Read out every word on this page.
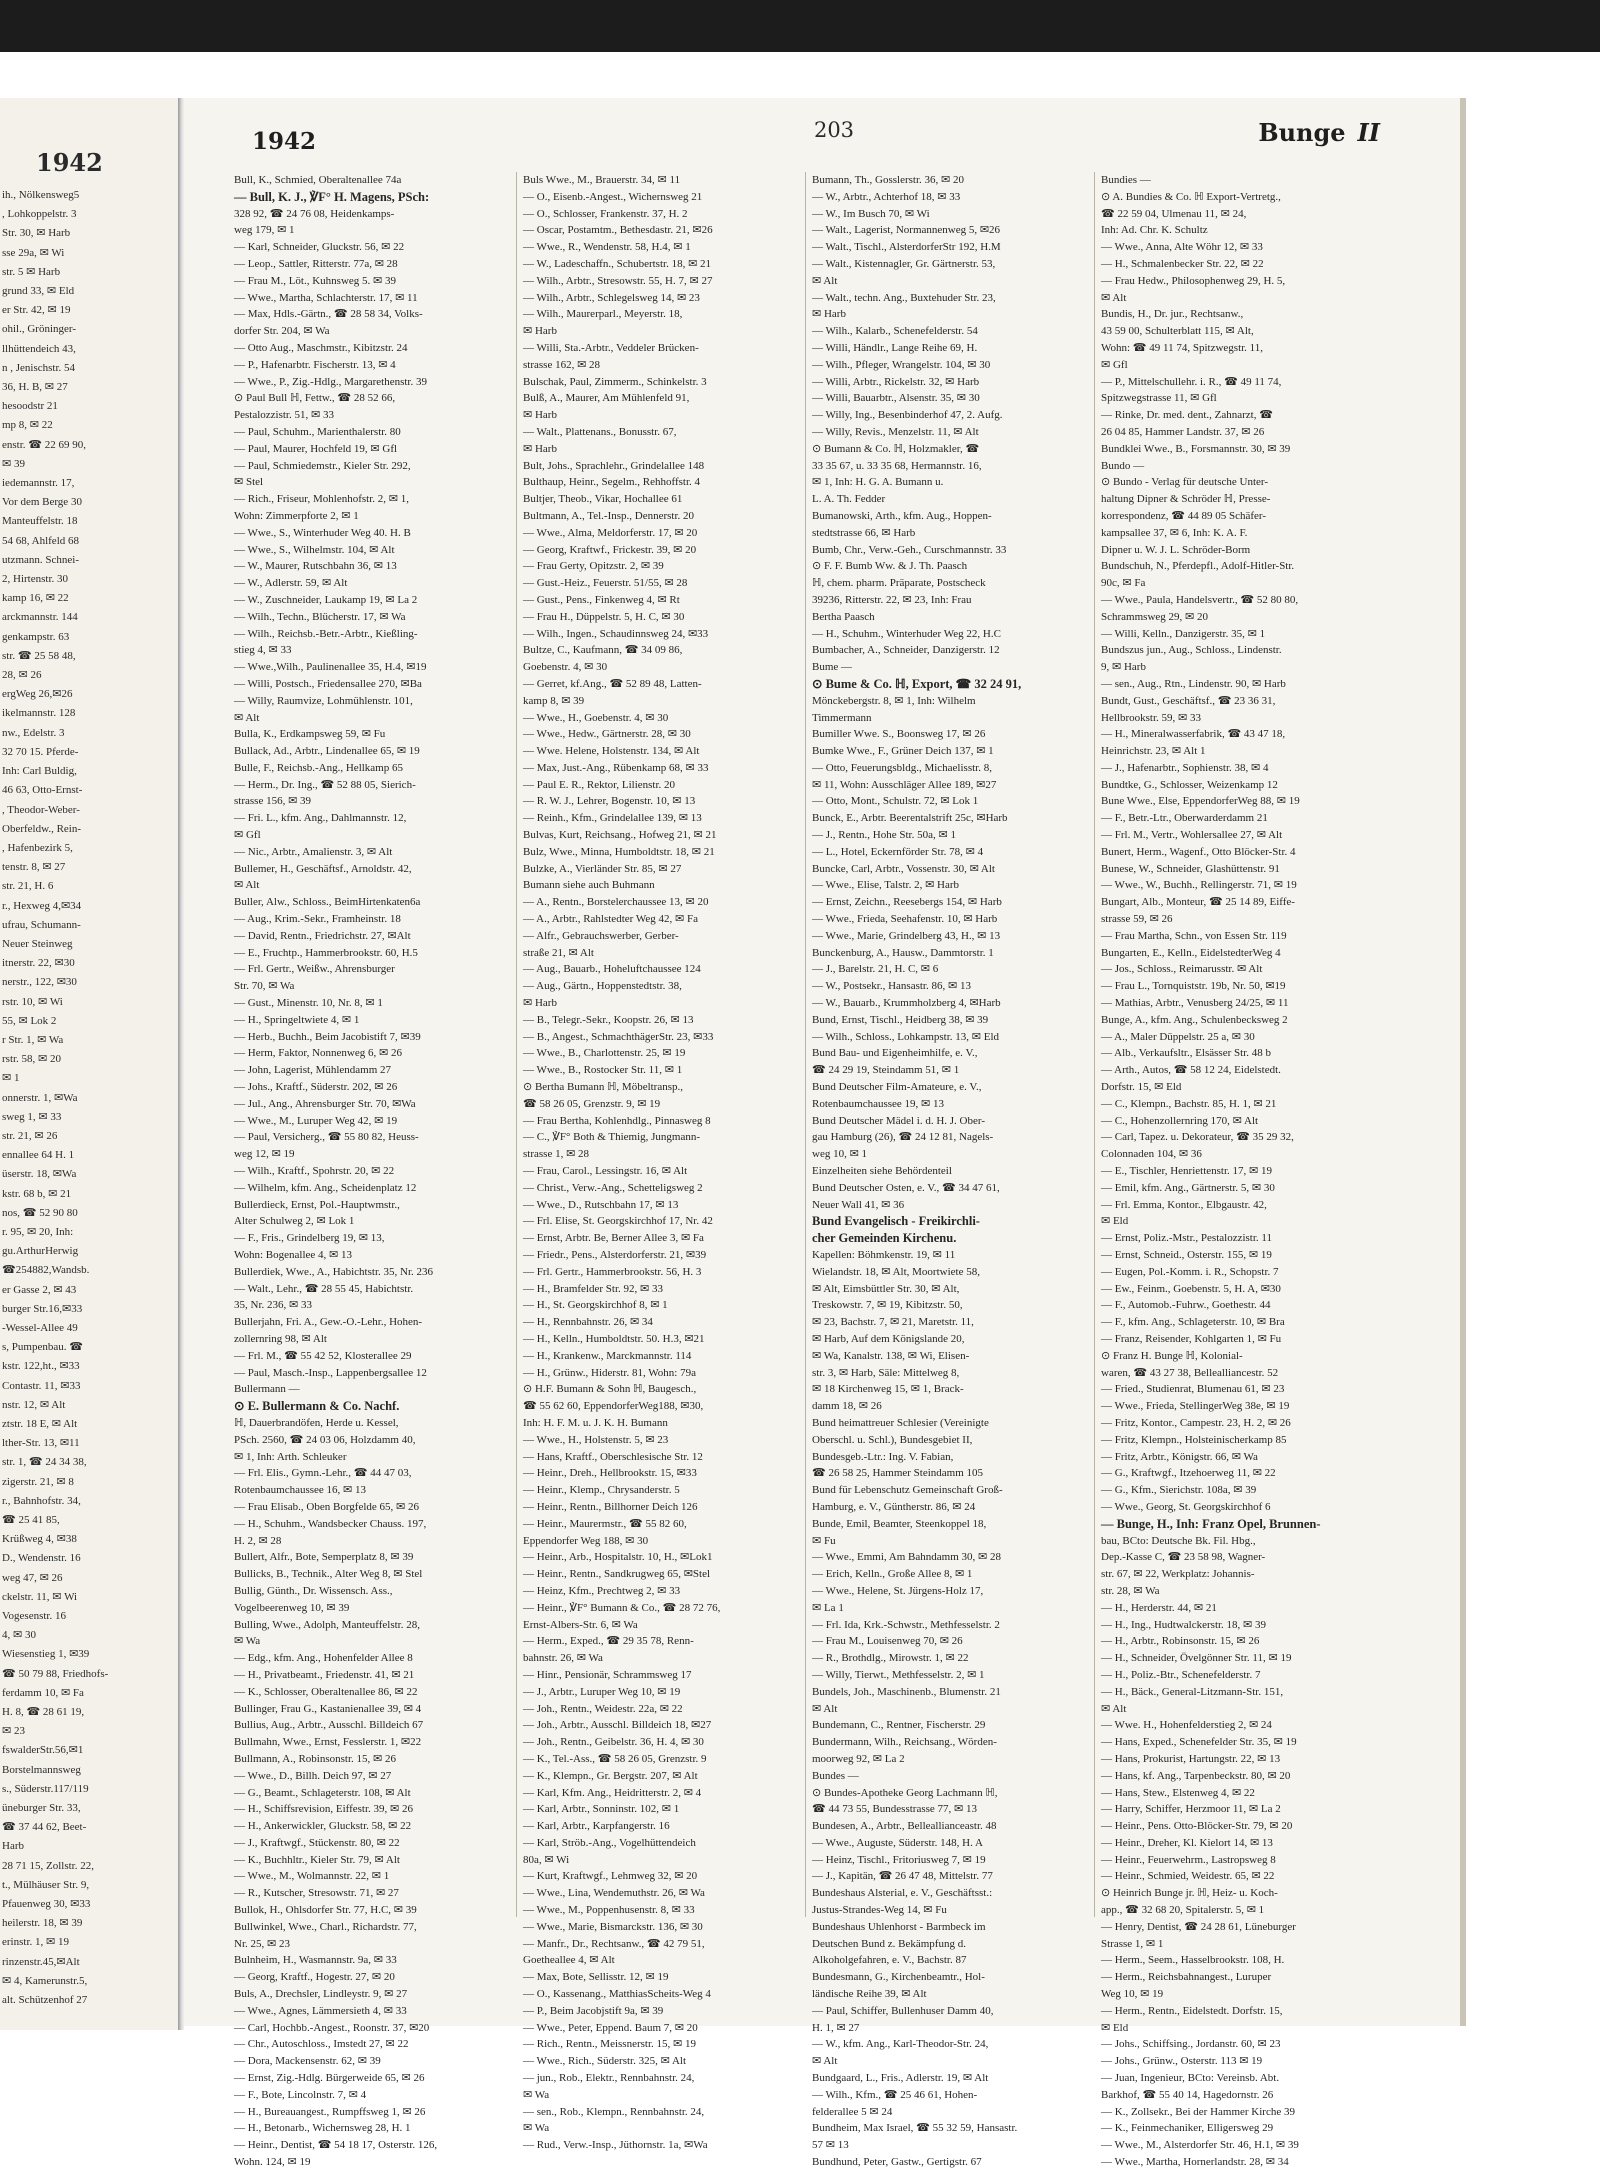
1942
ih., Nölkensweg5
, Lohkoppelstr. 3
Str. 30, ✉ Harb
sse 29a, ✉ Wi
str. 5 ✉ Harb
grund 33, ✉ Eld
er Str. 42, ✉ 19
ohil., Gröninger-
llhüttendeich 43,
n , Jenischstr. 54
36, H. B, ✉ 27
hesoodstr 21
mp 8, ✉ 22
enstr. ☎ 22 69 90,
✉ 39
iedemannstr. 17,
Vor dem Berge 30
Manteuffelstr. 18
54 68, Ahlfeld 68
utzmann. Schnei-
2, Hirtenstr. 30
kamp 16, ✉ 22
arckmannstr. 144
genkampstr. 63
str. ☎ 25 58 48,
28, ✉ 26
ergWeg 26,✉26
ikelmannstr. 128
nw., Edelstr. 3
32 70 15. Pferde-
Inh: Carl Buldig,
46 63, Otto-Ernst-
, Theodor-Weber-
Oberfeldw., Rein-
, Hafenbezirk 5,
tenstr. 8, ✉ 27
str. 21, H. 6
r., Hexweg 4,✉34
ufrau, Schumann-
Neuer Steinweg
itnerstr. 22, ✉30
nerstr., 122, ✉30
rstr. 10, ✉ Wi
55, ✉ Lok 2
r Str. 1, ✉ Wa
rstr. 58, ✉ 20
✉ 1
onnerstr. 1, ✉Wa
sweg 1, ✉ 33
str. 21, ✉ 26
ennallee 64 H. 1
üserstr. 18, ✉Wa
kstr. 68 b, ✉ 21
nos, ☎ 52 90 80
r. 95, ✉ 20, Inh:
gu.ArthurHerwig
☎254882,Wandsb.
er Gasse 2, ✉ 43
burger Str.16,✉33
-Wessel-Allee 49
s, Pumpenbau. ☎
kstr. 122,ht., ✉33
Contastr. 11, ✉33
nstr. 12, ✉ Alt
ztstr. 18 E, ✉ Alt
lther-Str. 13, ✉11
str. 1, ☎ 24 34 38,
zigerstr. 21, ✉ 8
r., Bahnhofstr. 34,
☎ 25 41 85,
Krüßweg 4, ✉38
D., Wendenstr. 16
weg 47, ✉ 26
ckelstr. 11, ✉ Wi
Vogesenstr. 16
4, ✉ 30
Wiesenstieg 1, ✉39
☎ 50 79 88, Friedhofs-
ferdamm 10, ✉ Fa
H. 8, ☎ 28 61 19,
✉ 23
fswalderStr.56,✉1
Borstelmannsweg
s., Süderstr.117/119
üneburger Str. 33,
☎ 37 44 62, Beet-
Harb
28 71 15, Zollstr. 22,
t., Mülhäuser Str. 9,
Pfauenweg 30, ✉33
heilerstr. 18, ✉ 39
erinstr. 1, ✉ 19
rinzenstr.45,✉Alt
✉ 4, Kamerunstr.5,
alt. Schützenhof 27
1942	203	Bunge II
Bull, K., Schmied, Oberaltenallee 74a
— Bull, K. J., ℣F° H. Magens, PSch:
328 92, ☎ 24 76 08, Heidenkamps-
weg 179, ✉ 1
— Karl, Schneider, Gluckstr. 56, ✉ 22
— Leop., Sattler, Ritterstr. 77a, ✉ 28
— Frau M., Löt., Kuhnsweg 5. ✉ 39
— Wwe., Martha, Schlachterstr. 17, ✉ 11
— Max, Hdls.-Gärtn., ☎ 28 58 34, Volks-
dorfer Str. 204, ✉ Wa
— Otto Aug., Maschmstr., Kibitzstr. 24
— P., Hafenarbtr. Fischerstr. 13, ✉ 4
— Wwe., P., Zig.-Hdlg., Margarethenstr. 39
⊙ Paul Bull ℍ, Fettw., ☎ 28 52 66,
Pestalozzistr. 51, ✉ 33
— Paul, Schuhm., Marienthalerstr. 80
— Paul, Maurer, Hochfeld 19, ✉ Gfl
— Paul, Schmiedemstr., Kieler Str. 292,
✉ Stel
— Rich., Friseur, Mohlenhofstr. 2, ✉ 1,
Wohn: Zimmerpforte 2, ✉ 1
— Wwe., S., Winterhuder Weg 40. H. B
— Wwe., S., Wilhelmstr. 104, ✉ Alt
— W., Maurer, Rutschbahn 36, ✉ 13
— W., Adlerstr. 59, ✉ Alt
— W., Zuschneider, Laukamp 19, ✉ La 2
— Wilh., Techn., Blücherstr. 17, ✉ Wa
— Wilh., Reichsb.-Betr.-Arbtr., Kießling-
stieg 4, ✉ 33
— Wwe.,Wilh., Paulinenallee 35, H.4, ✉19
— Willi, Postsch., Friedensallee 270, ✉Ba
— Willy, Raumvize, Lohmühlenstr. 101,
✉ Alt
Bulla, K., Erdkampsweg 59, ✉ Fu
Bullack, Ad., Arbtr., Lindenallee 65, ✉ 19
Bulle, F., Reichsb.-Ang., Hellkamp 65
— Herm., Dr. Ing., ☎ 52 88 05, Sierich-
strasse 156, ✉ 39
— Fri. L., kfm. Ang., Dahlmannstr. 12,
✉ Gfl
— Nic., Arbtr., Amalienstr. 3, ✉ Alt
Bullemer, H., Geschäftsf., Arnoldstr. 42,
✉ Alt
Buller, Alw., Schloss., BeimHirtenkaten6a
— Aug., Krim.-Sekr., Framheinstr. 18
— David, Rentn., Friedrichstr. 27, ✉Alt
— E., Fruchtp., Hammerbrookstr. 60, H.5
— Frl. Gertr., Weißw., Ahrensburger
Str. 70, ✉ Wa
— Gust., Minenstr. 10, Nr. 8, ✉ 1
— H., Springeltwiete 4, ✉ 1
— Herb., Buchh., Beim Jacobistift 7, ✉39
— Herm, Faktor, Nonnenweg 6, ✉ 26
— John, Lagerist, Mühlendamm 27
— Johs., Kraftf., Süderstr. 202, ✉ 26
— Jul., Ang., Ahrensburger Str. 70, ✉Wa
— Wwe., M., Luruper Weg 42, ✉ 19
— Paul, Versicherg., ☎ 55 80 82, Heuss-
weg 12, ✉ 19
— Wilh., Kraftf., Spohrstr. 20, ✉ 22
— Wilhelm, kfm. Ang., Scheidenplatz 12
Bullerdieck, Ernst, Pol.-Hauptwmstr.,
Alter Schulweg 2, ✉ Lok 1
— F., Fris., Grindelberg 19, ✉ 13,
Wohn: Bogenallee 4, ✉ 13
Bullerdiek, Wwe., A., Habichtstr. 35, Nr. 236
— Walt., Lehr., ☎ 28 55 45, Habichtstr.
35, Nr. 236, ✉ 33
Bullerjahn, Fri. A., Gew.-O.-Lehr., Hohen-
zollernring 98, ✉ Alt
— Frl. M., ☎ 55 42 52, Klosterallee 29
— Paul, Masch.-Insp., Lappenbergsallee 12
Bullermann —
⊙ E. Bullermann & Co. Nachf.
ℍ, Dauerbrandöfen, Herde u. Kessel,
PSch. 2560, ☎ 24 03 06, Holzdamm 40,
✉ 1, Inh: Arth. Schleuker
— Frl. Elis., Gymn.-Lehr., ☎ 44 47 03,
Rotenbaumchaussee 16, ✉ 13
— Frau Elisab., Oben Borgfelde 65, ✉ 26
— H., Schuhm., Wandsbecker Chauss. 197,
H. 2, ✉ 28
Bullert, Alfr., Bote, Semperplatz 8, ✉ 39
Bullicks, B., Technik., Alter Weg 8, ✉ Stel
Bullig, Günth., Dr. Wissensch. Ass.,
Vogelbeerenweg 10, ✉ 39
Bulling, Wwe., Adolph, Manteuffelstr. 28,
✉ Wa
— Edg., kfm. Ang., Hohenfelder Allee 8
— H., Privatbeamt., Friedenstr. 41, ✉ 21
— K., Schlosser, Oberaltenallee 86, ✉ 22
Bullinger, Frau G., Kastanienallee 39, ✉ 4
Bullius, Aug., Arbtr., Ausschl. Billdeich 67
Bullmahn, Wwe., Ernst, Fesslerstr. 1, ✉22
Bullmann, A., Robinsonstr. 15, ✉ 26
— Wwe., D., Billh. Deich 97, ✉ 27
— G., Beamt., Schlageterstr. 108, ✉ Alt
— H., Schiffsrevision, Eiffestr. 39, ✉ 26
— H., Ankerwickler, Gluckstr. 58, ✉ 22
— J., Kraftwgf., Stückenstr. 80, ✉ 22
— K., Buchhltr., Kieler Str. 79, ✉ Alt
— Wwe., M., Wolmannstr. 22, ✉ 1
— R., Kutscher, Stresowstr. 71, ✉ 27
Bullok, H., Ohlsdorfer Str. 77, H.C, ✉ 39
Bullwinkel, Wwe., Charl., Richardstr. 77,
Nr. 25, ✉ 23
Bulnheim, H., Wasmannstr. 9a, ✉ 33
— Georg, Kraftf., Hogestr. 27, ✉ 20
Buls, A., Drechsler, Lindleystr. 9, ✉ 27
— Wwe., Agnes, Lämmersieth 4, ✉ 33
— Carl, Hochbb.-Angest., Roonstr. 37, ✉20
— Chr., Autoschloss., Imstedt 27, ✉ 22
— Dora, Mackensenstr. 62, ✉ 39
— Ernst, Zig.-Hdlg. Bürgerweide 65, ✉ 26
— F., Bote, Lincolnstr. 7, ✉ 4
— H., Bureauangest., Rumpffsweg 1, ✉ 26
— H., Betonarb., Wichernsweg 28, H. 1
— Heinr., Dentist, ☎ 54 18 17, Osterstr. 126,
Wohn. 124, ✉ 19
Buls Wwe., M., Brauerstr. 34, ✉ 11
— O., Eisenb.-Angest., Wichernsweg 21
— O., Schlosser, Frankenstr. 37, H. 2
— Oscar, Postamtm., Bethesdastr. 21, ✉26
— Wwe., R., Wendenstr. 58, H.4, ✉ 1
— W., Ladeschaffn., Schubertstr. 18, ✉ 21
— Wilh., Arbtr., Stresowstr. 55, H. 7, ✉ 27
— Wilh., Arbtr., Schlegelsweg 14, ✉ 23
— Wilh., Maurerparl., Meyerstr. 18,
✉ Harb
— Willi, Sta.-Arbtr., Veddeler Brücken-
strasse 162, ✉ 28
Bulschak, Paul, Zimmerm., Schinkelstr. 3
Bulß, A., Maurer, Am Mühlenfeld 91,
✉ Harb
— Walt., Plattenans., Bonusstr. 67,
✉ Harb
Bult, Johs., Sprachlehr., Grindelallee 148
Bulthaup, Heinr., Segelm., Rehhoffstr. 4
Bultjer, Theob., Vikar, Hochallee 61
Bultmann, A., Tel.-Insp., Dennerstr. 20
— Wwe., Alma, Meldorferstr. 17, ✉ 20
— Georg, Kraftwf., Frickestr. 39, ✉ 20
— Frau Gerty, Opitzstr. 2, ✉ 39
— Gust.-Heiz., Feuerstr. 51/55, ✉ 28
— Gust., Pens., Finkenweg 4, ✉ Rt
— Frau H., Düppelstr. 5, H. C, ✉ 30
— Wilh., Ingen., Schaudinnsweg 24, ✉33
Bultze, C., Kaufmann, ☎ 34 09 86,
Goebenstr. 4, ✉ 30
— Gerret, kf.Ang., ☎ 52 89 48, Latten-
kamp 8, ✉ 39
— Wwe., H., Goebenstr. 4, ✉ 30
— Wwe., Hedw., Gärtnerstr. 28, ✉ 30
— Wwe. Helene, Holstenstr. 134, ✉ Alt
— Max, Just.-Ang., Rübenkamp 68, ✉ 33
— Paul E. R., Rektor, Lilienstr. 20
— R. W. J., Lehrer, Bogenstr. 10, ✉ 13
— Reinh., Kfm., Grindelallee 139, ✉ 13
Bulvas, Kurt, Reichsang., Hofweg 21, ✉ 21
Bulz, Wwe., Minna, Humboldtstr. 18, ✉ 21
Bulzke, A., Vierländer Str. 85, ✉ 27
Bumann siehe auch Buhmann
— A., Rentn., Borstelerchaussee 13, ✉ 20
— A., Arbtr., Rahlstedter Weg 42, ✉ Fa
— Alfr., Gebrauchswerber, Gerber-
straße 21, ✉ Alt
— Aug., Bauarb., Hoheluftchaussee 124
— Aug., Gärtn., Hoppenstedtstr. 38,
✉ Harb
— B., Telegr.-Sekr., Koopstr. 26, ✉ 13
— B., Angest., SchmachthägerStr. 23, ✉33
— Wwe., B., Charlottenstr. 25, ✉ 19
— Wwe., B., Rostocker Str. 11, ✉ 1
⊙ Bertha Bumann ℍ, Möbeltransp.,
☎ 58 26 05, Grenzstr. 9, ✉ 19
— Frau Bertha, Kohlenhdlg., Pinnasweg 8
— C., ℣F° Both & Thiemig, Jungmann-
strasse 1, ✉ 28
— Frau, Carol., Lessingstr. 16, ✉ Alt
— Christ., Verw.-Ang., Schetteligsweg 2
— Wwe., D., Rutschbahn 17, ✉ 13
— Frl. Elise, St. Georgskirchhof 17, Nr. 42
— Ernst, Arbtr. Be, Berner Allee 3, ✉ Fa
— Friedr., Pens., Alsterdorferstr. 21, ✉39
— Frl. Gertr., Hammerbrookstr. 56, H. 3
— H., Bramfelder Str. 92, ✉ 33
— H., St. Georgskirchhof 8, ✉ 1
— H., Rennbahnstr. 26, ✉ 34
— H., Kelln., Humboldtstr. 50. H.3, ✉21
— H., Krankenw., Marckmannstr. 114
— H., Grünw., Hiderstr. 81, Wohn: 79a
⊙ H.F. Bumann & Sohn ℍ, Baugesch.,
☎ 55 62 60, EppendorferWeg188, ✉30,
Inh: H. F. M. u. J. K. H. Bumann
— Wwe., H., Holstenstr. 5, ✉ 23
— Hans, Kraftf., Oberschlesische Str. 12
— Heinr., Dreh., Hellbrookstr. 15, ✉33
— Heinr., Klemp., Chrysanderstr. 5
— Heinr., Rentn., Billhorner Deich 126
— Heinr., Maurermstr., ☎ 55 82 60,
Eppendorfer Weg 188, ✉ 30
— Heinr., Arb., Hospitalstr. 10, H., ✉Lok1
— Heinr., Rentn., Sandkrugweg 65, ✉Stel
— Heinz, Kfm., Prechtweg 2, ✉ 33
— Heinr., ℣F° Bumann & Co., ☎ 28 72 76,
Ernst-Albers-Str. 6, ✉ Wa
— Herm., Exped., ☎ 29 35 78, Renn-
bahnstr. 26, ✉ Wa
— Hinr., Pensionär, Schrammsweg 17
— J., Arbtr., Luruper Weg 10, ✉ 19
— Joh., Rentn., Weidestr. 22a, ✉ 22
— Joh., Arbtr., Ausschl. Billdeich 18, ✉27
— Joh., Rentn., Geibelstr. 36, H. 4, ✉ 30
— K., Tel.-Ass., ☎ 58 26 05, Grenzstr. 9
— K., Klempn., Gr. Bergstr. 207, ✉ Alt
— Karl, Kfm. Ang., Heidritterstr. 2, ✉ 4
— Karl, Arbtr., Sonninstr. 102, ✉ 1
— Karl, Arbtr., Karpfangerstr. 16
— Karl, Ströb.-Ang., Vogelhüttendeich
80a, ✉ Wi
— Kurt, Kraftwgf., Lehmweg 32, ✉ 20
— Wwe., Lina, Wendemuthstr. 26, ✉ Wa
— Wwe., M., Poppenhusenstr. 8, ✉ 33
— Wwe., Marie, Bismarckstr. 136, ✉ 30
— Manfr., Dr., Rechtsanw., ☎ 42 79 51,
Goetheallee 4, ✉ Alt
— Max, Bote, Sellisstr. 12, ✉ 19
— O., Kassenang., MatthiasScheits-Weg 4
— P., Beim Jacobjstift 9a, ✉ 39
— Wwe., Peter, Eppend. Baum 7, ✉ 20
— Rich., Rentn., Meissnerstr. 15, ✉ 19
— Wwe., Rich., Süderstr. 325, ✉ Alt
— jun., Rob., Elektr., Rennbahnstr. 24,
✉ Wa
— sen., Rob., Klempn., Rennbahnstr. 24,
✉ Wa
— Rud., Verw.-Insp., Jüthornstr. 1a, ✉Wa
Bumann, Th., Gosslerstr. 36, ✉ 20
— W., Arbtr., Achterhof 18, ✉ 33
— W., Im Busch 70, ✉ Wi
— Walt., Lagerist, Normannenweg 5, ✉26
— Walt., Tischl., AlsterdorferStr 192, H.M
— Walt., Kistennagler, Gr. Gärtnerstr. 53,
✉ Alt
— Walt., techn. Ang., Buxtehuder Str. 23,
✉ Harb
— Wilh., Kalarb., Schenefelderstr. 54
— Willi, Händlr., Lange Reihe 69, H.
— Wilh., Pfleger, Wrangelstr. 104, ✉ 30
— Willi, Arbtr., Rickelstr. 32, ✉ Harb
— Willi, Bauarbtr., Alsenstr. 35, ✉ 30
— Willy, Ing., Besenbinderhof 47, 2. Aufg.
— Willy, Revis., Menzelstr. 11, ✉ Alt
⊙ Bumann & Co. ℍ, Holzmakler, ☎
33 35 67, u. 33 35 68, Hermannstr. 16,
✉ 1, Inh: H. G. A. Bumann u.
L. A. Th. Fedder
Bumanowski, Arth., kfm. Aug., Hoppen-
stedtstrasse 66, ✉ Harb
Bumb, Chr., Verw.-Geh., Curschmannstr. 33
⊙ F. F. Bumb Ww. & J. Th. Paasch
ℍ, chem. pharm. Präparate, Postscheck
39236, Ritterstr. 22, ✉ 23, Inh: Frau
Bertha Paasch
— H., Schuhm., Winterhuder Weg 22, H.C
Bumbacher, A., Schneider, Danzigerstr. 12
Bume —
⊙ Bume & Co. ℍ, Export, ☎ 32 24 91,
Mönckebergstr. 8, ✉ 1, Inh: Wilhelm
Timmermann
Bumiller Wwe. S., Boonsweg 17, ✉ 26
Bumke Wwe., F., Grüner Deich 137, ✉ 1
— Otto, Feuerungsbldg., Michaelisstr. 8,
✉ 11, Wohn: Ausschläger Allee 189, ✉27
— Otto, Mont., Schulstr. 72, ✉ Lok 1
Bunck, E., Arbtr. Beerentalstrift 25c, ✉Harb
— J., Rentn., Hohe Str. 50a, ✉ 1
— L., Hotel, Eckernförder Str. 78, ✉ 4
Buncke, Carl, Arbtr., Vossenstr. 30, ✉ Alt
— Wwe., Elise, Talstr. 2, ✉ Harb
— Ernst, Zeichn., Reesebergs 154, ✉ Harb
— Wwe., Frieda, Seehafenstr. 10, ✉ Harb
— Wwe., Marie, Grindelberg 43, H., ✉ 13
Bunckenburg, A., Hausw., Dammtorstr. 1
— J., Barelstr. 21, H. C, ✉ 6
— W., Postsekr., Hansastr. 86, ✉ 13
— W., Bauarb., Krummholzberg 4, ✉Harb
Bund, Ernst, Tischl., Heidberg 38, ✉ 39
— Wilh., Schloss., Lohkampstr. 13, ✉ Eld
Bund Bau- und Eigenheimhilfe, e. V.,
☎ 24 29 19, Steindamm 51, ✉ 1
Bund Deutscher Film-Amateure, e. V.,
Rotenbaumchaussee 19, ✉ 13
Bund Deutscher Mädel i. d. H. J. Ober-
gau Hamburg (26), ☎ 24 12 81, Nagels-
weg 10, ✉ 1
Einzelheiten siehe Behördenteil
Bund Deutscher Osten, e. V., ☎ 34 47 61,
Neuer Wall 41, ✉ 36
Bund Evangelisch - Freikirchli-
cher Gemeinden Kirchenu.
Kapellen: Böhmkenstr. 19, ✉ 11
Wielandstr. 18, ✉ Alt, Moortwiete 58,
✉ Alt, Eimsbüttler Str. 30, ✉ Alt,
Treskowstr. 7, ✉ 19, Kibitzstr. 50,
✉ 23, Bachstr. 7, ✉ 21, Maretstr. 11,
✉ Harb, Auf dem Königslande 20,
✉ Wa, Kanalstr. 138, ✉ Wi, Elisen-
str. 3, ✉ Harb, Säle: Mittelweg 8,
✉ 18 Kirchenweg 15, ✉ 1, Brack-
damm 18, ✉ 26
Bund heimattreuer Schlesier (Vereinigte
Oberschl. u. Schl.), Bundesgebiet II,
Bundesgeb.-Ltr.: Ing. V. Fabian,
☎ 26 58 25, Hammer Steindamm 105
Bund für Lebenschutz Gemeinschaft Groß-
Hamburg, e. V., Güntherstr. 86, ✉ 24
Bunde, Emil, Beamter, Steenkoppel 18,
✉ Fu
— Wwe., Emmi, Am Bahndamm 30, ✉ 28
— Erich, Kelln., Große Allee 8, ✉ 1
— Wwe., Helene, St. Jürgens-Holz 17,
✉ La 1
— Frl. Ida, Krk.-Schwstr., Methfesselstr. 2
— Frau M., Louisenweg 70, ✉ 26
— R., Brothdlg., Mirowstr. 1, ✉ 22
— Willy, Tierwt., Methfesselstr. 2, ✉ 1
Bundels, Joh., Maschinenb., Blumenstr. 21
✉ Alt
Bundemann, C., Rentner, Fischerstr. 29
Bundermann, Wilh., Reichsang., Wörden-
moorweg 92, ✉ La 2
Bundes —
⊙ Bundes-Apotheke Georg Lachmann ℍ,
☎ 44 73 55, Bundesstrasse 77, ✉ 13
Bundesen, A., Arbtr., Belleallianceastr. 48
— Wwe., Auguste, Süderstr. 148, H. A
— Heinz, Tischl., Fritoriusweg 7, ✉ 19
— J., Kapitän, ☎ 26 47 48, Mittelstr. 77
Bundeshaus Alsterial, e. V., Geschäftsst.:
Justus-Strandes-Weg 14, ✉ Fu
Bundeshaus Uhlenhorst - Barmbeck im
Deutschen Bund z. Bekämpfung d.
Alkoholgefahren, e. V., Bachstr. 87
Bundesmann, G., Kirchenbeamtr., Hol-
ländische Reihe 39, ✉ Alt
— Paul, Schiffer, Bullenhuser Damm 40,
H. 1, ✉ 27
— W., kfm. Ang., Karl-Theodor-Str. 24,
✉ Alt
Bundgaard, L., Fris., Adlerstr. 19, ✉ Alt
— Wilh., Kfm., ☎ 25 46 61, Hohen-
felderallee 5 ✉ 24
Bundheim, Max Israel, ☎ 55 32 59, Hansastr.
57 ✉ 13
Bundhund, Peter, Gastw., Gertigstr. 67
Bundies —
⊙ A. Bundies & Co. ℍ Export-Vertretg.,
☎ 22 59 04, Ulmenau 11, ✉ 24,
Inh: Ad. Chr. K. Schultz
— Wwe., Anna, Alte Wöhr 12, ✉ 33
— H., Schmalenbecker Str. 22, ✉ 22
— Frau Hedw., Philosophenweg 29, H. 5,
✉ Alt
Bundis, H., Dr. jur., Rechtsanw.,
43 59 00, Schulterblatt 115, ✉ Alt,
Wohn: ☎ 49 11 74, Spitzwegstr. 11,
✉ Gfl
— P., Mittelschullehr. i. R., ☎ 49 11 74,
Spitzwegstrasse 11, ✉ Gfl
— Rinke, Dr. med. dent., Zahnarzt, ☎
26 04 85, Hammer Landstr. 37, ✉ 26
Bundklei Wwe., B., Forsmannstr. 30, ✉ 39
Bundo —
⊙ Bundo - Verlag für deutsche Unter-
haltung Dipner & Schröder ℍ, Presse-
korrespondenz, ☎ 44 89 05 Schäfer-
kampsallee 37, ✉ 6, Inh: K. A. F.
Dipner u. W. J. L. Schröder-Borm
Bundschuh, N., Pferdepfl., Adolf-Hitler-Str.
90c, ✉ Fa
— Wwe., Paula, Handelsvertr., ☎ 52 80 80,
Schrammsweg 29, ✉ 20
— Willi, Kelln., Danzigerstr. 35, ✉ 1
Bundszus jun., Aug., Schloss., Lindenstr.
9, ✉ Harb
— sen., Aug., Rtn., Lindenstr. 90, ✉ Harb
Bundt, Gust., Geschäftsf., ☎ 23 36 31,
Hellbrookstr. 59, ✉ 33
— H., Mineralwasserfabrik, ☎ 43 47 18,
Heinrichstr. 23, ✉ Alt 1
— J., Hafenarbtr., Sophienstr. 38, ✉ 4
Bundtke, G., Schlosser, Weizenkamp 12
Bune Wwe., Else, EppendorferWeg 88, ✉ 19
— F., Betr.-Ltr., Oberwarderdamm 21
— Frl. M., Vertr., Wohlersallee 27, ✉ Alt
Bunert, Herm., Wagenf., Otto Blöcker-Str. 4
Bunese, W., Schneider, Glashüttenstr. 91
— Wwe., W., Buchh., Rellingerstr. 71, ✉ 19
Bungart, Alb., Monteur, ☎ 25 14 89, Eiffe-
strasse 59, ✉ 26
— Frau Martha, Schn., von Essen Str. 119
Bungarten, E., Kelln., EidelstedterWeg 4
— Jos., Schloss., Reimarusstr. ✉ Alt
— Frau L., Tornquiststr. 19b, Nr. 50, ✉19
— Mathias, Arbtr., Venusberg 24/25, ✉ 11
Bunge, A., kfm. Ang., Schulenbecksweg 2
— A., Maler Düppelstr. 25 a, ✉ 30
— Alb., Verkaufsltr., Elsässer Str. 48 b
— Arth., Autos, ☎ 58 12 24, Eidelstedt.
Dorfstr. 15, ✉ Eld
— C., Klempn., Bachstr. 85, H. 1, ✉ 21
— C., Hohenzollernring 170, ✉ Alt
— Carl, Tapez. u. Dekorateur, ☎ 35 29 32,
Colonnaden 104, ✉ 36
— E., Tischler, Henriettenstr. 17, ✉ 19
— Emil, kfm. Ang., Gärtnerstr. 5, ✉ 30
— Frl. Emma, Kontor., Elbgaustr. 42,
✉ Eld
— Ernst, Poliz.-Mstr., Pestalozzistr. 11
— Ernst, Schneid., Osterstr. 155, ✉ 19
— Eugen, Pol.-Komm. i. R., Schopstr. 7
— Ew., Feinm., Goebenstr. 5, H. A, ✉30
— F., Automob.-Fuhrw., Goethestr. 44
— F., kfm. Ang., Schlageterstr. 10, ✉ Bra
— Franz, Reisender, Kohlgarten 1, ✉ Fu
⊙ Franz H. Bunge ℍ, Kolonial-
waren, ☎ 43 27 38, Bellealliancestr. 52
— Fried., Studienrat, Blumenau 61, ✉ 23
— Wwe., Frieda, StellingerWeg 38e, ✉ 19
— Fritz, Kontor., Campestr. 23, H. 2, ✉ 26
— Fritz, Klempn., Holsteinischerkamp 85
— Fritz, Arbtr., Königstr. 66, ✉ Wa
— G., Kraftwgf., Itzehoerweg 11, ✉ 22
— G., Kfm., Sierichstr. 108a, ✉ 39
— Wwe., Georg, St. Georgskirchhof 6
— Bunge, H., Inh: Franz Opel, Brunnen-
bau, BCto: Deutsche Bk. Fil. Hbg.,
Dep.-Kasse C, ☎ 23 58 98, Wagner-
str. 67, ✉ 22, Werkplatz: Johannis-
str. 28, ✉ Wa
— H., Herderstr. 44, ✉ 21
— H., Ing., Hudtwalckerstr. 18, ✉ 39
— H., Arbtr., Robinsonstr. 15, ✉ 26
— H., Schneider, Övelgönner Str. 11, ✉ 19
— H., Poliz.-Btr., Schenefelderstr. 7
— H., Bäck., General-Litzmann-Str. 151,
✉ Alt
— Wwe. H., Hohenfelderstieg 2, ✉ 24
— Hans, Exped., Schenefelder Str. 35, ✉ 19
— Hans, Prokurist, Hartungstr. 22, ✉ 13
— Hans, kf. Ang., Tarpenbeckstr. 80, ✉ 20
— Hans, Stew., Elstenweg 4, ✉ 22
— Harry, Schiffer, Herzmoor 11, ✉ La 2
— Heinr., Pens. Otto-Blöcker-Str. 79, ✉ 20
— Heinr., Dreher, Kl. Kielort 14, ✉ 13
— Heinr., Feuerwehrm., Lastropsweg 8
— Heinr., Schmied, Weidestr. 65, ✉ 22
⊙ Heinrich Bunge jr. ℍ, Heiz- u. Koch-
app., ☎ 32 68 20, Spitalerstr. 5, ✉ 1
— Henry, Dentist, ☎ 24 28 61, Lüneburger
Strasse 1, ✉ 1
— Herm., Seem., Hasselbrookstr. 108, H.
— Herm., Reichsbahnangest., Luruper
Weg 10, ✉ 19
— Herm., Rentn., Eidelstedt. Dorfstr. 15,
✉ Eld
— Johs., Schiffsing., Jordanstr. 60, ✉ 23
— Johs., Grünw., Osterstr. 113 ✉ 19
— Juan, Ingenieur, BCto: Vereinsb. Abt.
Barkhof, ☎ 55 40 14, Hagedornstr. 26
— K., Zollsekr., Bei der Hammer Kirche 39
— K., Feinmechaniker, Elligersweg 29
— Wwe., M., Alsterdorfer Str. 46, H.1, ✉ 39
— Wwe., Martha, Hornerlandstr. 28, ✉ 34
